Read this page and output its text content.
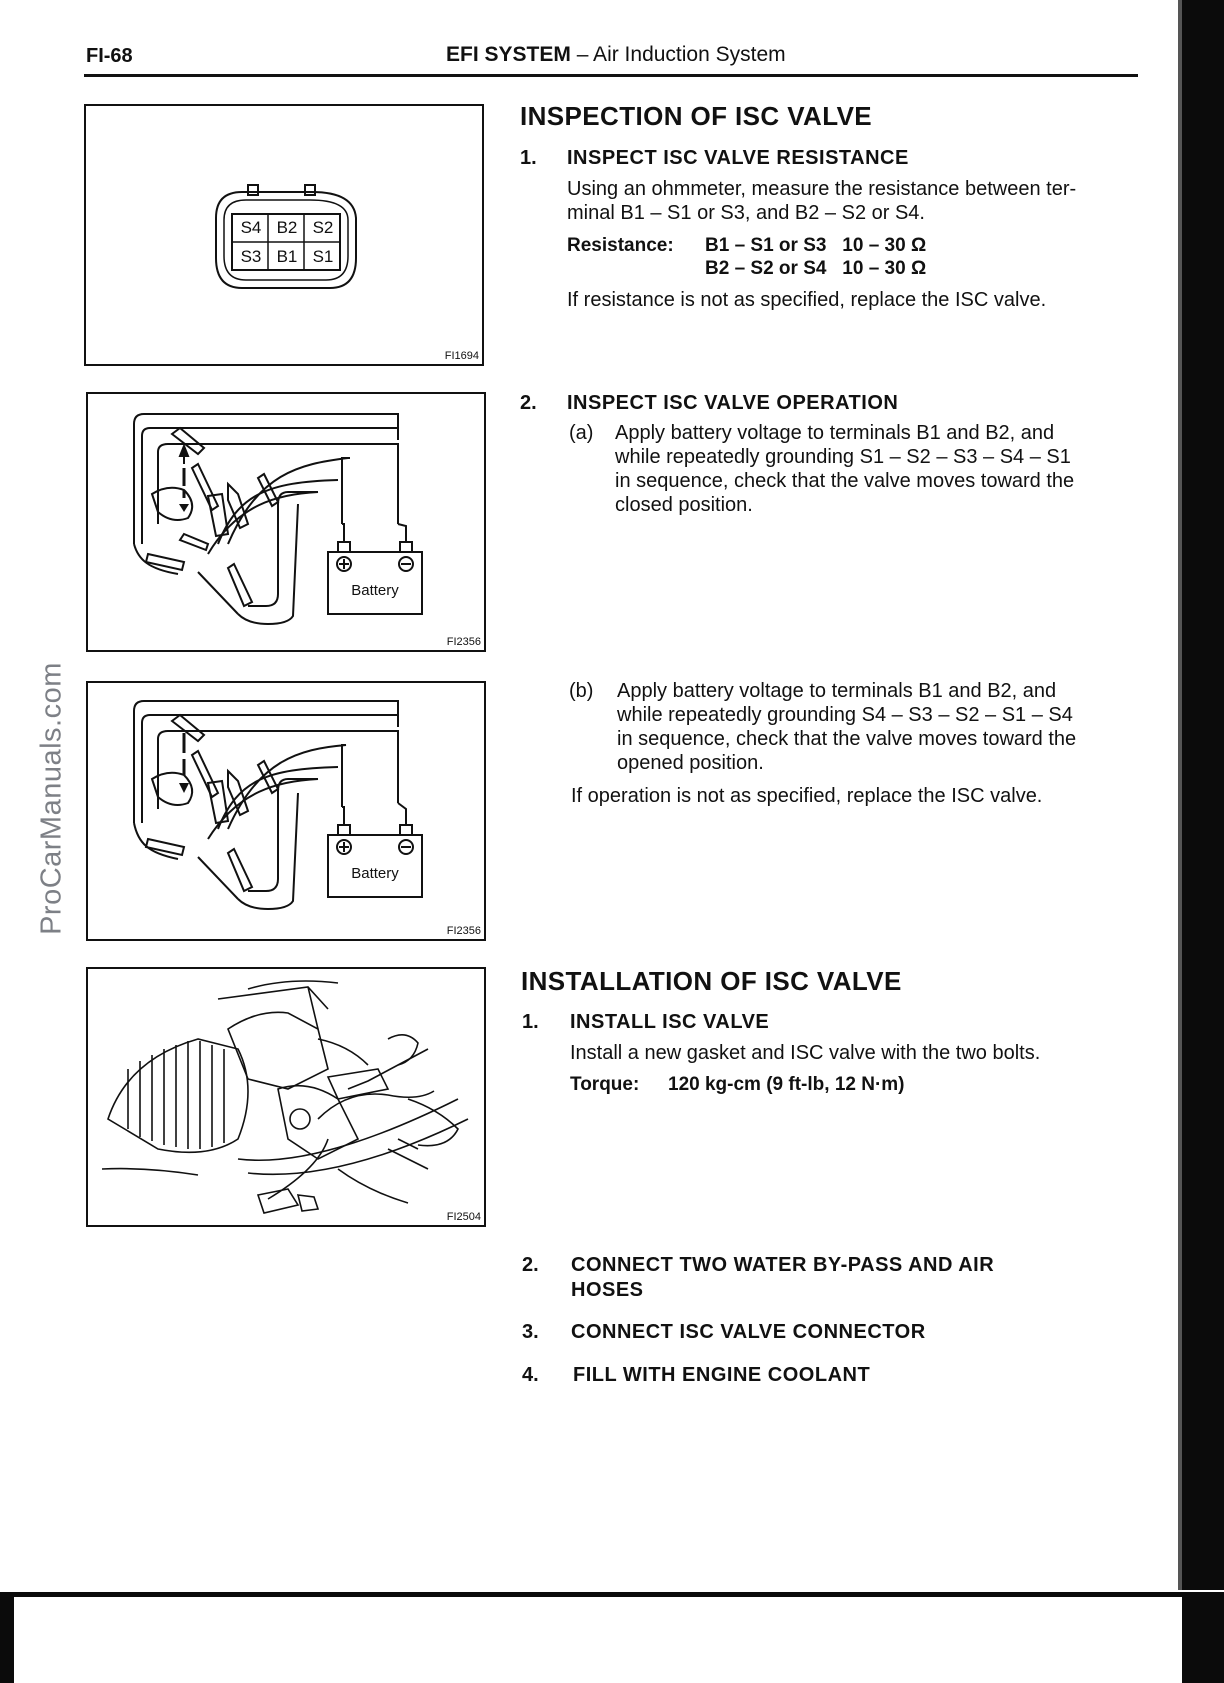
FI-68	EFI SYSTEM – Air Induction System
ProCarManuals.com
S4 B2 S2
S3 B1 S1
FI1694
Battery
FI2356
Battery
FI2356
FI2504
INSPECTION OF ISC VALVE
1. INSPECT ISC VALVE RESISTANCE
Using an ohmmeter, measure the resistance between ter-
minal B1 – S1 or S3, and B2 – S2 or S4.
Resistance: B1 – S1 or S3   10 – 30 Ω
B2 – S2 or S4   10 – 30 Ω
If resistance is not as specified, replace the ISC valve.
2. INSPECT ISC VALVE OPERATION
(a) Apply battery voltage to terminals B1 and B2, and
while repeatedly grounding S1 – S2 – S3 – S4 – S1
in sequence, check that the valve moves toward the
closed position.
(b) Apply battery voltage to terminals B1 and B2, and
while repeatedly grounding S4 – S3 – S2 – S1 – S4
in sequence, check that the valve moves toward the
opened position.
If operation is not as specified, replace the ISC valve.
INSTALLATION OF ISC VALVE
1. INSTALL ISC VALVE
Install a new gasket and ISC valve with the two bolts.
Torque: 120 kg-cm (9 ft-lb, 12 N·m)
2. CONNECT TWO WATER BY-PASS AND AIR
HOSES
3. CONNECT ISC VALVE CONNECTOR
4. FILL WITH ENGINE COOLANT
